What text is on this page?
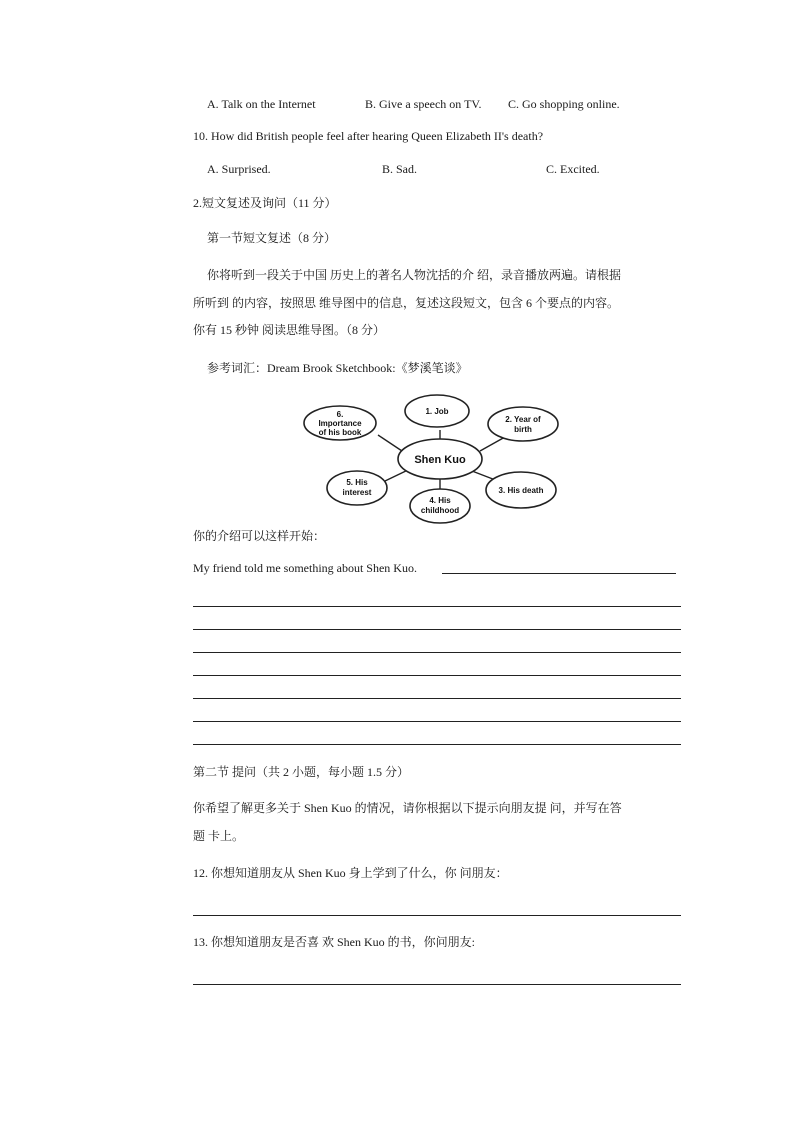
A. Talk on the Internet	B. Give a speech on TV. C. Go shopping online.
10. How did British people feel after hearing Queen Elizabeth II's death?
A. Surprised.	B. Sad.	C. Excited.
2.短文复述及询问（11 分）
第一节短文复述（8 分）
你将听到一段关于中国 历史上的著名人物沈括的介 绍，录音播放两遍。请根据
所听到 的内容，按照思 维导图中的信息，复述这段短文，包含 6 个要点的内容。
你有 15 秒钟 阅读思维导图。（8 分）
参考词汇：Dream Brook Sketchbook:《梦溪笔谈》
1. Job
2. Year of
birth
3. His death
4. His
childhood
5. His
interest
6.
Importance
of his book
Shen Kuo
你的介绍可以这样开始：
My friend told me something about Shen Kuo.
第二节 提问（共 2 小题，每小题 1.5 分）
你希望了解更多关于 Shen Kuo 的情况，请你根据以下提示向朋友提 问，并写在答
题 卡上。
12. 你想知道朋友从 Shen Kuo 身上学到了什么，你 问朋友：
13. 你想知道朋友是否喜 欢 Shen Kuo 的书，你问朋友:
